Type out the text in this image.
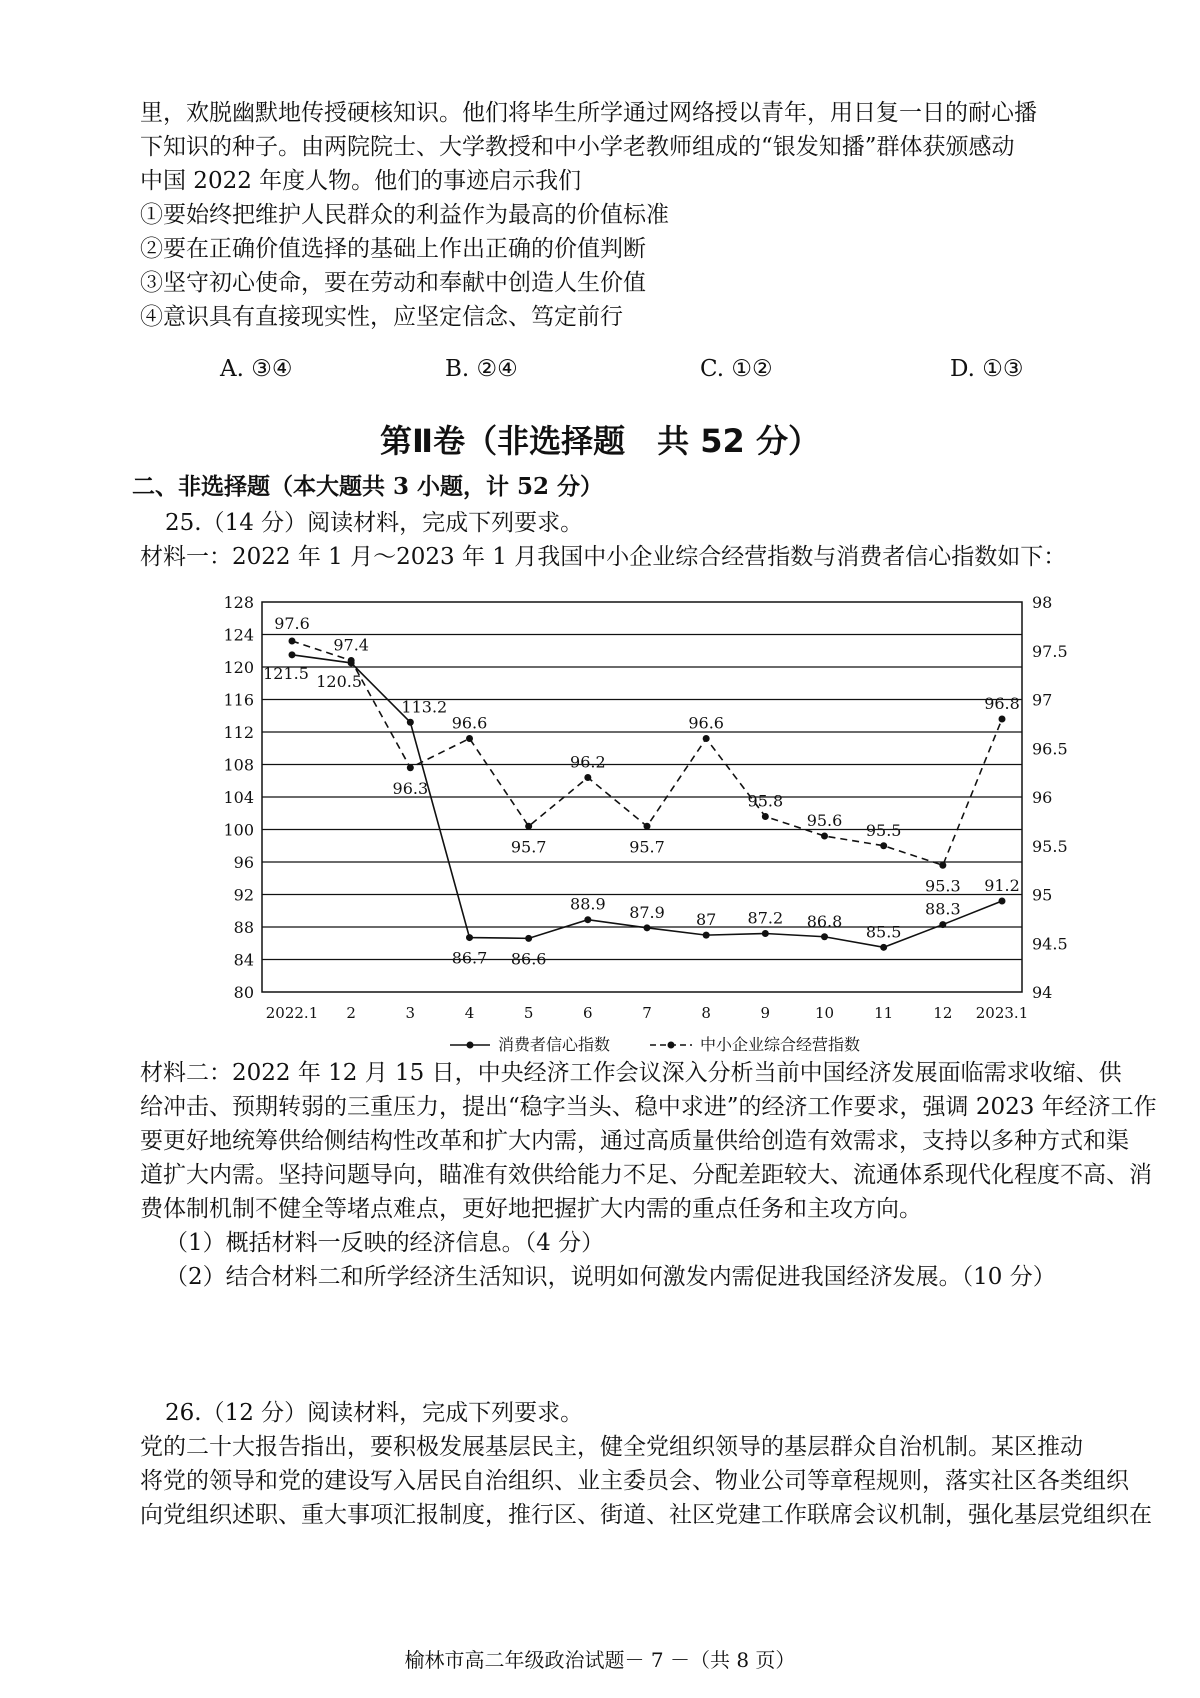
里，欢脱幽默地传授硬核知识。他们将毕生所学通过网络授以青年，用日复一日的耐心播
下知识的种子。由两院院士、大学教授和中小学老教师组成的“银发知播”群体获颁感动
中国 2022 年度人物。他们的事迹启示我们
①要始终把维护人民群众的利益作为最高的价值标准
②要在正确价值选择的基础上作出正确的价值判断
③坚守初心使命，要在劳动和奉献中创造人生价值
④意识具有直接现实性，应坚定信念、笃定前行
A. ③④	B. ②④	C. ①②	D. ①③
第Ⅱ卷（非选择题　共 52 分）
二、非选择题（本大题共 3 小题，计 52 分）
25.（14 分）阅读材料，完成下列要求。
材料一：2022 年 1 月～2023 年 1 月我国中小企业综合经营指数与消费者信心指数如下：
128
124
120
116
112
108
104
100
96
92
88
84
80
98
97.5
97
96.5
96
95.5
95
94.5
94
2022.1 2	3	4	5	6	7	8	9	10	11	12 2023.1
121.5 120.5
113.2
86.7 86.6
88.9 87.9 87 87.2 86.8
85.5
88.3
91.2
97.6
97.4
96.3
96.6
95.7
96.2
95.7
96.6
95.8
95.6
95.5
95.3
96.8
消费者信心指数	中小企业综合经营指数
材料二：2022 年 12 月 15 日，中央经济工作会议深入分析当前中国经济发展面临需求收缩、供
给冲击、预期转弱的三重压力，提出“稳字当头、稳中求进”的经济工作要求，强调 2023 年经济工作
要更好地统筹供给侧结构性改革和扩大内需，通过高质量供给创造有效需求，支持以多种方式和渠
道扩大内需。坚持问题导向，瞄准有效供给能力不足、分配差距较大、流通体系现代化程度不高、消
费体制机制不健全等堵点难点，更好地把握扩大内需的重点任务和主攻方向。
（1）概括材料一反映的经济信息。（4 分）
（2）结合材料二和所学经济生活知识，说明如何激发内需促进我国经济发展。（10 分）
26.（12 分）阅读材料，完成下列要求。
党的二十大报告指出，要积极发展基层民主，健全党组织领导的基层群众自治机制。某区推动
将党的领导和党的建设写入居民自治组织、业主委员会、物业公司等章程规则，落实社区各类组织
向党组织述职、重大事项汇报制度，推行区、街道、社区党建工作联席会议机制，强化基层党组织在
榆林市高二年级政治试题－ 7 －（共 8 页）
